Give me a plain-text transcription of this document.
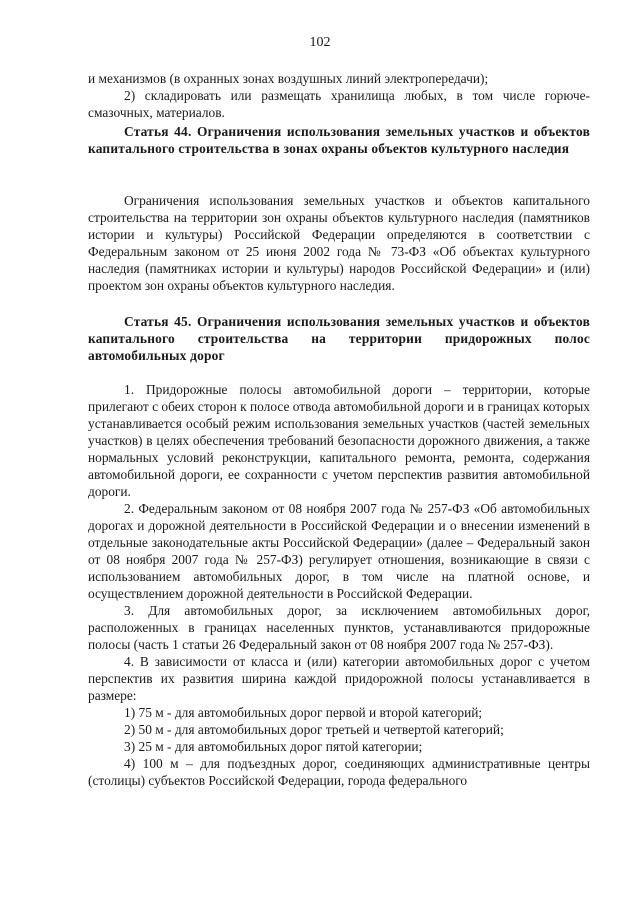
102

и механизмов (в охранных зонах воздушных линий электропередачи);

2) складировать или размещать хранилища любых, в том числе горюче-смазочных, материалов.

Статья 44. Ограничения использования земельных участков и объектов капитального строительства в зонах охраны объектов культурного наследия

Ограничения использования земельных участков и объектов капитального строительства на территории зон охраны объектов культурного наследия (памятников истории и культуры) Российской Федерации определяются в соответствии с Федеральным законом от 25 июня 2002 года № 73-ФЗ «Об объектах культурного наследия (памятниках истории и культуры) народов Российской Федерации» и (или) проектом зон охраны объектов культурного наследия.

Статья 45. Ограничения использования земельных участков и объектов капитального строительства на территории придорожных полос автомобильных дорог

1. Придорожные полосы автомобильной дороги – территории, которые прилегают с обеих сторон к полосе отвода автомобильной дороги и в границах которых устанавливается особый режим использования земельных участков (частей земельных участков) в целях обеспечения требований безопасности дорожного движения, а также нормальных условий реконструкции, капитального ремонта, ремонта, содержания автомобильной дороги, ее сохранности с учетом перспектив развития автомобильной дороги.

2. Федеральным законом от 08 ноября 2007 года № 257-ФЗ «Об автомобильных дорогах и дорожной деятельности в Российской Федерации и о внесении изменений в отдельные законодательные акты Российской Федерации» (далее – Федеральный закон от 08 ноября 2007 года № 257-ФЗ) регулирует отношения, возникающие в связи с использованием автомобильных дорог, в том числе на платной основе, и осуществлением дорожной деятельности в Российской Федерации.

3. Для автомобильных дорог, за исключением автомобильных дорог, расположенных в границах населенных пунктов, устанавливаются придорожные полосы (часть 1 статьи 26 Федеральный закон от 08 ноября 2007 года № 257-ФЗ).

4. В зависимости от класса и (или) категории автомобильных дорог с учетом перспектив их развития ширина каждой придорожной полосы устанавливается в размере:

1) 75 м - для автомобильных дорог первой и второй категорий;

2) 50 м - для автомобильных дорог третьей и четвертой категорий;

3) 25 м - для автомобильных дорог пятой категории;

4) 100 м – для подъездных дорог, соединяющих административные центры (столицы) субъектов Российской Федерации, города федерального
